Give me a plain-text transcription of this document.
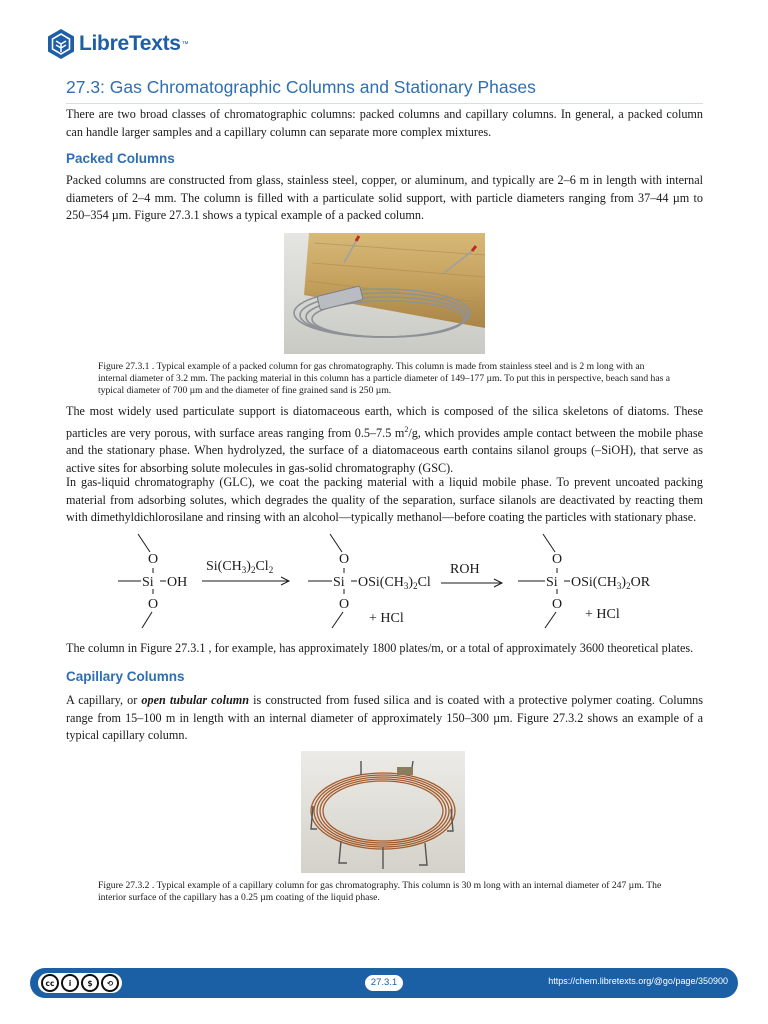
LibreTexts ™
27.3: Gas Chromatographic Columns and Stationary Phases

There are two broad classes of chromatographic columns: packed columns and capillary columns. In general, a packed column can handle larger samples and a capillary column can separate more complex mixtures.

Packed Columns

Packed columns are constructed from glass, stainless steel, copper, or aluminum, and typically are 2–6 m in length with internal diameters of 2–4 mm. The column is filled with a particulate solid support, with particle diameters ranging from 37–44 µm to 250–354 µm. Figure 27.3.1 shows a typical example of a packed column.

Figure 27.3.1 . Typical example of a packed column for gas chromatography. This column is made from stainless steel and is 2 m long with an internal diameter of 3.2 mm. The packing material in this column has a particle diameter of 149–177 µm. To put this in perspective, beach sand has a typical diameter of 700 µm and the diameter of fine grained sand is 250 µm.

The most widely used particulate support is diatomaceous earth, which is composed of the silica skeletons of diatoms. These particles are very porous, with surface areas ranging from 0.5–7.5 $m^2/g$, which provides ample contact between the mobile phase and the stationary phase. When hydrolyzed, the surface of a diatomaceous earth contains silanol groups (–SiOH), that serve as active sites for absorbing solute molecules in gas-solid chromatography (GSC).

In gas-liquid chromatography (GLC), we coat the packing material with a liquid mobile phase. To prevent uncoated packing material from adsorbing solutes, which degrades the quality of the separation, surface silanols are deactivated by reacting them with dimethyldichlorosilane and rinsing with an alcohol—typically methanol—before coating the particles with stationary phase.

O
Si OH
O
$Si(CH_3)_2Cl_2$
O
Si $OSi(CH_3)_2Cl$
O
+ HCl
ROH
O
Si $OSi(CH_3)_2OR$
O
+ HCl

The column in Figure 27.3.1 , for example, has approximately 1800 plates/m, or a total of approximately 3600 theoretical plates.

Capillary Columns

A capillary, or open tubular column is constructed from fused silica and is coated with a protective polymer coating. Columns range from 15–100 m in length with an internal diameter of approximately 150–300 µm. Figure 27.3.2 shows an example of a typical capillary column.

Figure 27.3.2 . Typical example of a capillary column for gas chromatography. This column is 30 m long with an internal diameter of 247 µm. The interior surface of the capillary has a 0.25 µm coating of the liquid phase.

cc	i	$	⟲	27.3.1	https://chem.libretexts.org/@go/page/350900
